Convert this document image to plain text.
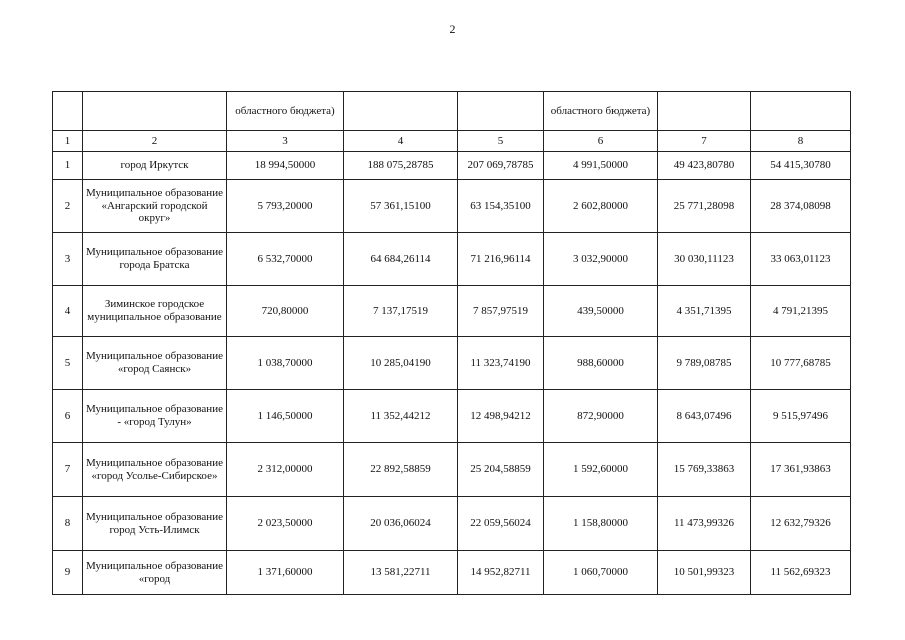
2
		областного бюджета)			областного бюджета)		
1	2	3	4	5	6	7	8
1	город Иркутск	18 994,50000	188 075,28785	207 069,78785	4 991,50000	49 423,80780	54 415,30780
2	Муниципальное образование «Ангарский городской округ»	5 793,20000	57 361,15100	63 154,35100	2 602,80000	25 771,28098	28 374,08098
3	Муниципальное образование города Братска	6 532,70000	64 684,26114	71 216,96114	3 032,90000	30 030,11123	33 063,01123
4	Зиминское городское муниципальное образование	720,80000	7 137,17519	7 857,97519	439,50000	4 351,71395	4 791,21395
5	Муниципальное образование «город Саянск»	1 038,70000	10 285,04190	11 323,74190	988,60000	9 789,08785	10 777,68785
6	Муниципальное образование - «город Тулун»	1 146,50000	11 352,44212	12 498,94212	872,90000	8 643,07496	9 515,97496
7	Муниципальное образование «город Усолье-Сибирское»	2 312,00000	22 892,58859	25 204,58859	1 592,60000	15 769,33863	17 361,93863
8	Муниципальное образование город Усть-Илимск	2 023,50000	20 036,06024	22 059,56024	1 158,80000	11 473,99326	12 632,79326
9	Муниципальное образование «город	1 371,60000	13 581,22711	14 952,82711	1 060,70000	10 501,99323	11 562,69323
